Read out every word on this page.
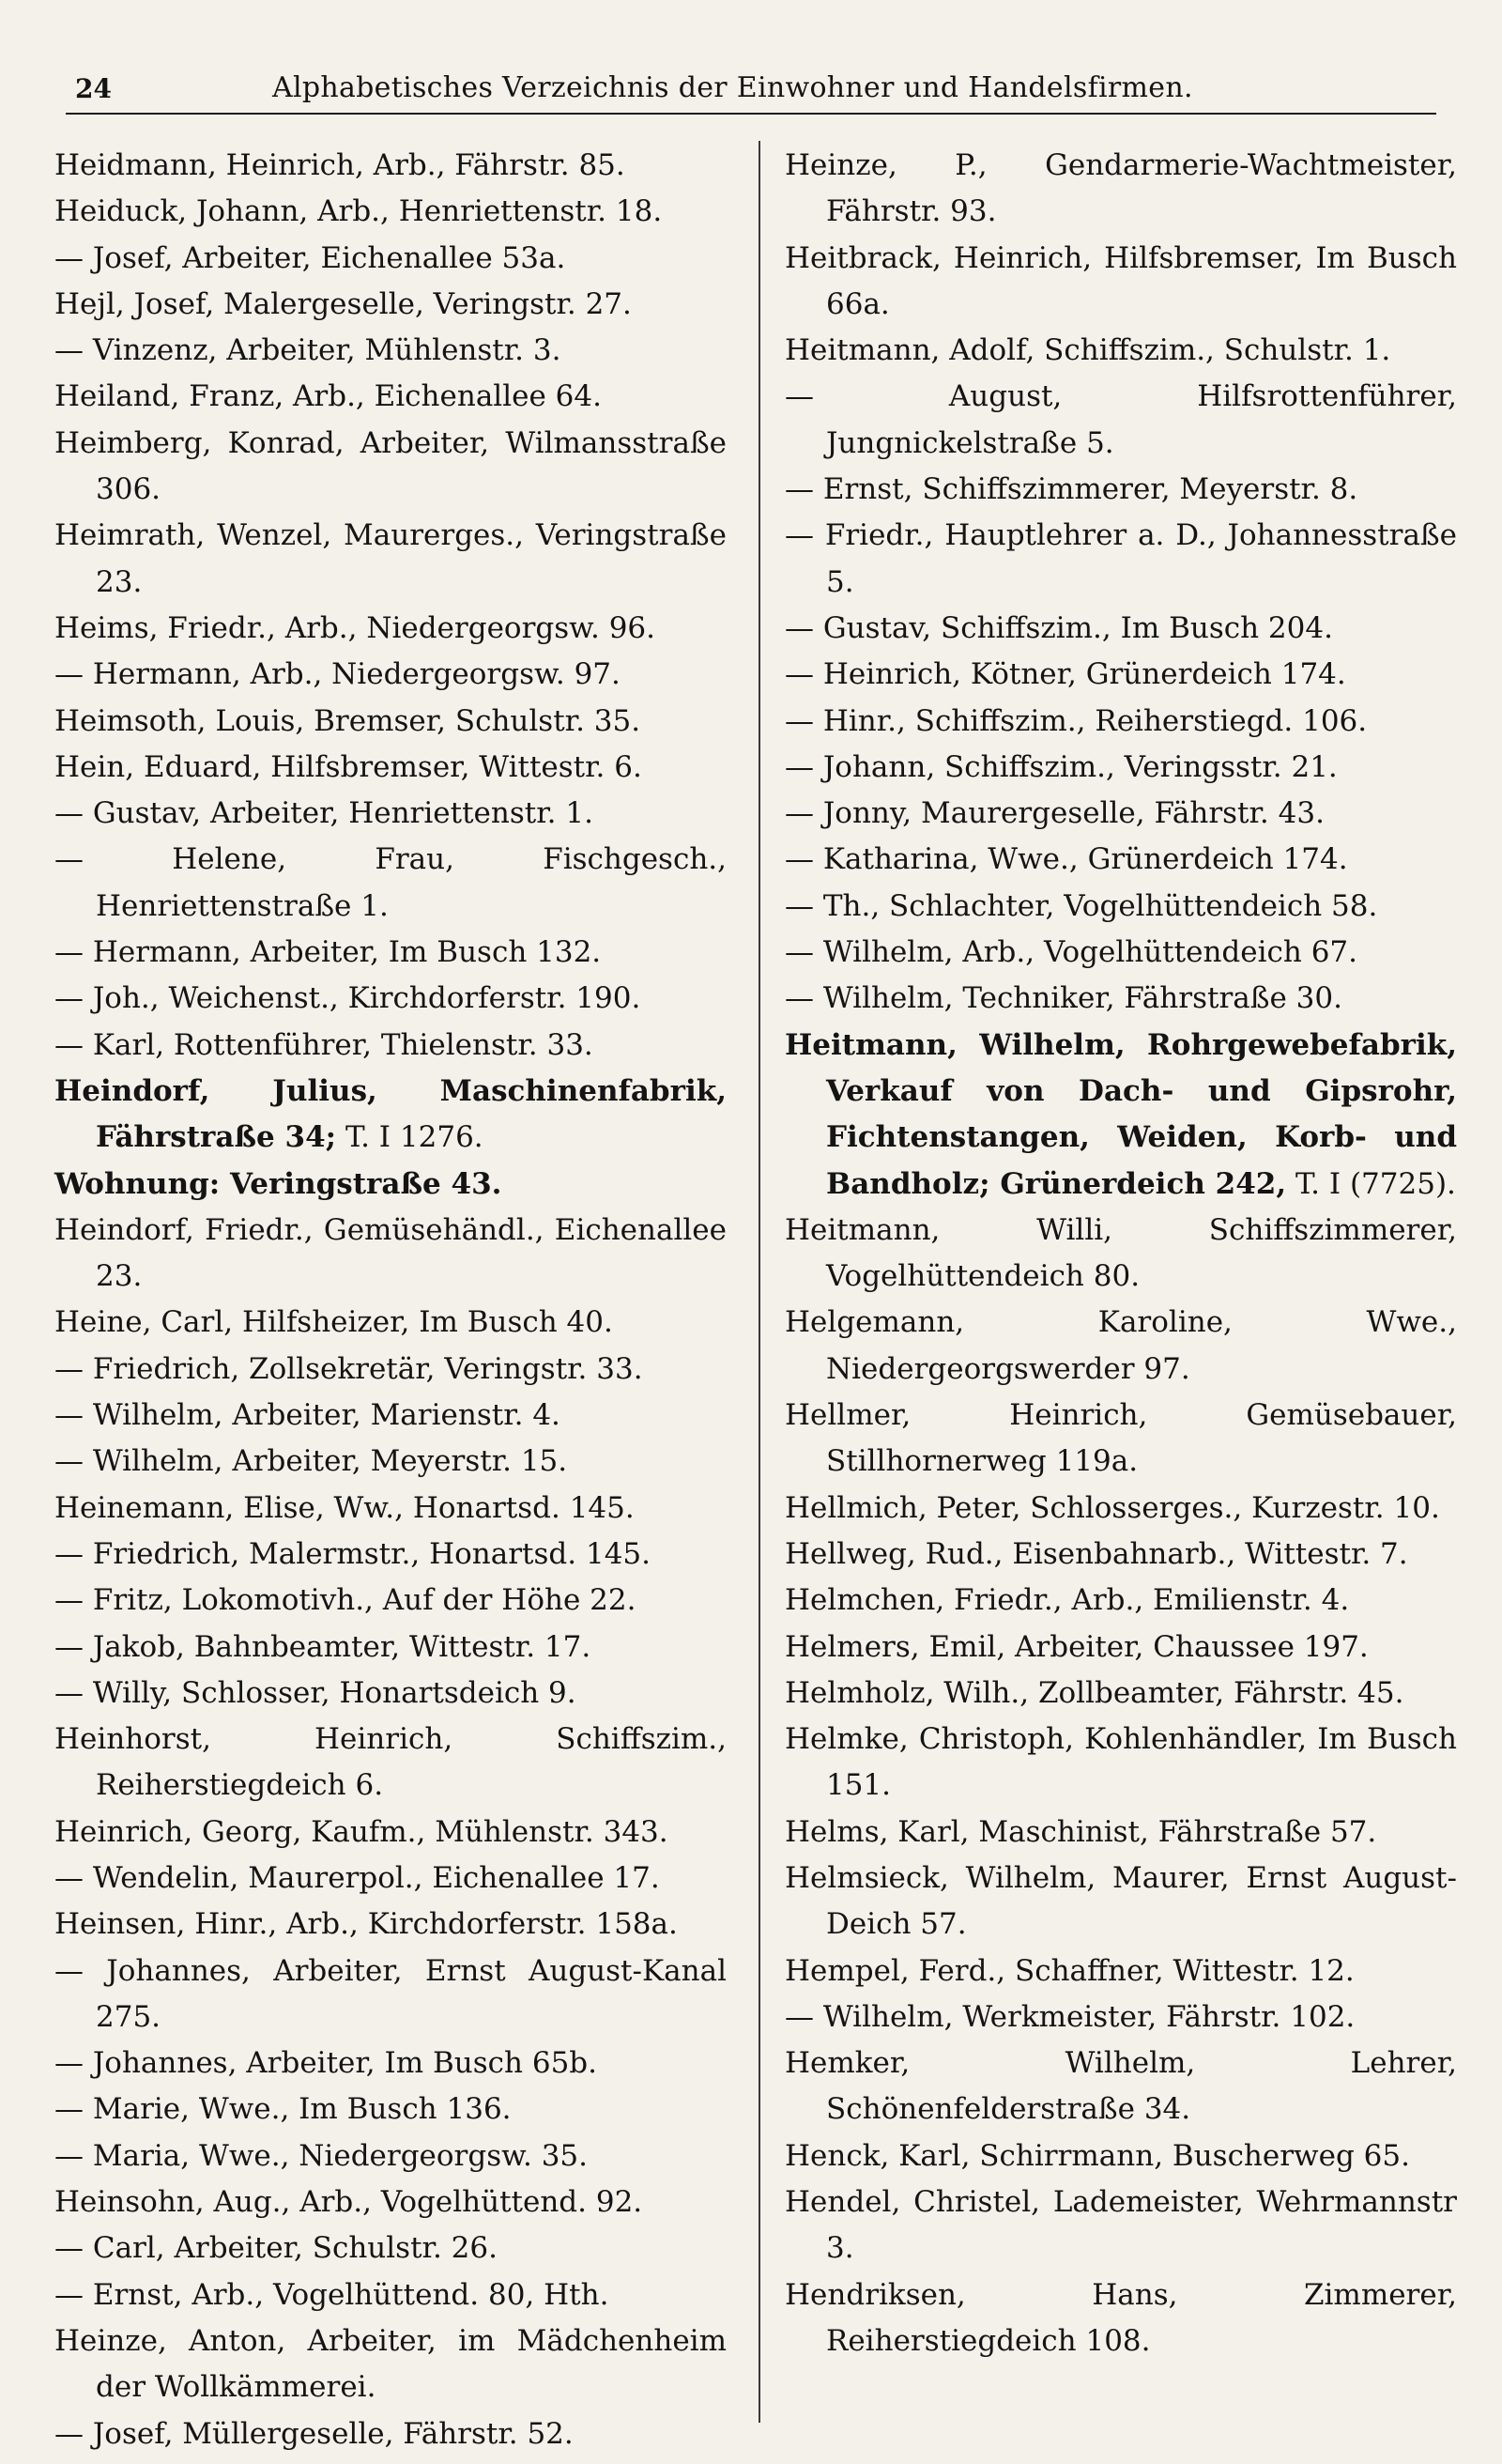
24	Alphabetisches Verzeichnis der Einwohner und Handelsfirmen.
Heidmann, Heinrich, Arb., Fährstr. 85.
Heiduck, Johann, Arb., Henriettenstr. 18.
— Josef, Arbeiter, Eichenallee 53a.
Hejl, Josef, Malergeselle, Veringstr. 27.
— Vinzenz, Arbeiter, Mühlenstr. 3.
Heiland, Franz, Arb., Eichenallee 64.
Heimberg, Konrad, Arbeiter, Wilmansstraße 306.
Heimrath, Wenzel, Maurerges., Veringstraße 23.
Heims, Friedr., Arb., Niedergeorgsw. 96.
— Hermann, Arb., Niedergeorgsw. 97.
Heimsoth, Louis, Bremser, Schulstr. 35.
Hein, Eduard, Hilfsbremser, Wittestr. 6.
— Gustav, Arbeiter, Henriettenstr. 1.
— Helene, Frau, Fischgesch., Henriettenstraße 1.
— Hermann, Arbeiter, Im Busch 132.
— Joh., Weichenst., Kirchdorferstr. 190.
— Karl, Rottenführer, Thielenstr. 33.
Heindorf, Julius, Maschinenfabrik, Fährstraße 34; T. I 1276.
Wohnung: Veringstraße 43.
Heindorf, Friedr., Gemüsehändl., Eichenallee 23.
Heine, Carl, Hilfsheizer, Im Busch 40.
— Friedrich, Zollsekretär, Veringstr. 33.
— Wilhelm, Arbeiter, Marienstr. 4.
— Wilhelm, Arbeiter, Meyerstr. 15.
Heinemann, Elise, Ww., Honartsd. 145.
— Friedrich, Malermstr., Honartsd. 145.
— Fritz, Lokomotivh., Auf der Höhe 22.
— Jakob, Bahnbeamter, Wittestr. 17.
— Willy, Schlosser, Honartsdeich 9.
Heinhorst, Heinrich, Schiffszim., Reiherstiegdeich 6.
Heinrich, Georg, Kaufm., Mühlenstr. 343.
— Wendelin, Maurerpol., Eichenallee 17.
Heinsen, Hinr., Arb., Kirchdorferstr. 158a.
— Johannes, Arbeiter, Ernst August-Kanal 275.
— Johannes, Arbeiter, Im Busch 65b.
— Marie, Wwe., Im Busch 136.
— Maria, Wwe., Niedergeorgsw. 35.
Heinsohn, Aug., Arb., Vogelhüttend. 92.
— Carl, Arbeiter, Schulstr. 26.
— Ernst, Arb., Vogelhüttend. 80, Hth.
Heinze, Anton, Arbeiter, im Mädchenheim der Wollkämmerei.
— Josef, Müllergeselle, Fährstr. 52.
Heinze, P., Gendarmerie-Wachtmeister, Fährstr. 93.
Heitbrack, Heinrich, Hilfsbremser, Im Busch 66a.
Heitmann, Adolf, Schiffszim., Schulstr. 1.
— August, Hilfsrottenführer, Jungnickelstraße 5.
— Ernst, Schiffszimmerer, Meyerstr. 8.
— Friedr., Hauptlehrer a. D., Johannesstraße 5.
— Gustav, Schiffszim., Im Busch 204.
— Heinrich, Kötner, Grünerdeich 174.
— Hinr., Schiffszim., Reiherstiegd. 106.
— Johann, Schiffszim., Veringsstr. 21.
— Jonny, Maurergeselle, Fährstr. 43.
— Katharina, Wwe., Grünerdeich 174.
— Th., Schlachter, Vogelhüttendeich 58.
— Wilhelm, Arb., Vogelhüttendeich 67.
— Wilhelm, Techniker, Fährstraße 30.
Heitmann, Wilhelm, Rohrgewebefabrik, Verkauf von Dach- und Gipsrohr, Fichtenstangen, Weiden, Korb- und Bandholz; Grünerdeich 242, T. I (7725).
Heitmann, Willi, Schiffszimmerer, Vogelhüttendeich 80.
Helgemann, Karoline, Wwe., Niedergeorgswerder 97.
Hellmer, Heinrich, Gemüsebauer, Stillhornerweg 119a.
Hellmich, Peter, Schlosserges., Kurzestr. 10.
Hellweg, Rud., Eisenbahnarb., Wittestr. 7.
Helmchen, Friedr., Arb., Emilienstr. 4.
Helmers, Emil, Arbeiter, Chaussee 197.
Helmholz, Wilh., Zollbeamter, Fährstr. 45.
Helmke, Christoph, Kohlenhändler, Im Busch 151.
Helms, Karl, Maschinist, Fährstraße 57.
Helmsieck, Wilhelm, Maurer, Ernst August-Deich 57.
Hempel, Ferd., Schaffner, Wittestr. 12.
— Wilhelm, Werkmeister, Fährstr. 102.
Hemker, Wilhelm, Lehrer, Schönenfelderstraße 34.
Henck, Karl, Schirrmann, Buscherweg 65.
Hendel, Christel, Lademeister, Wehrmannstr 3.
Hendriksen, Hans, Zimmerer, Reiherstiegdeich 108.
